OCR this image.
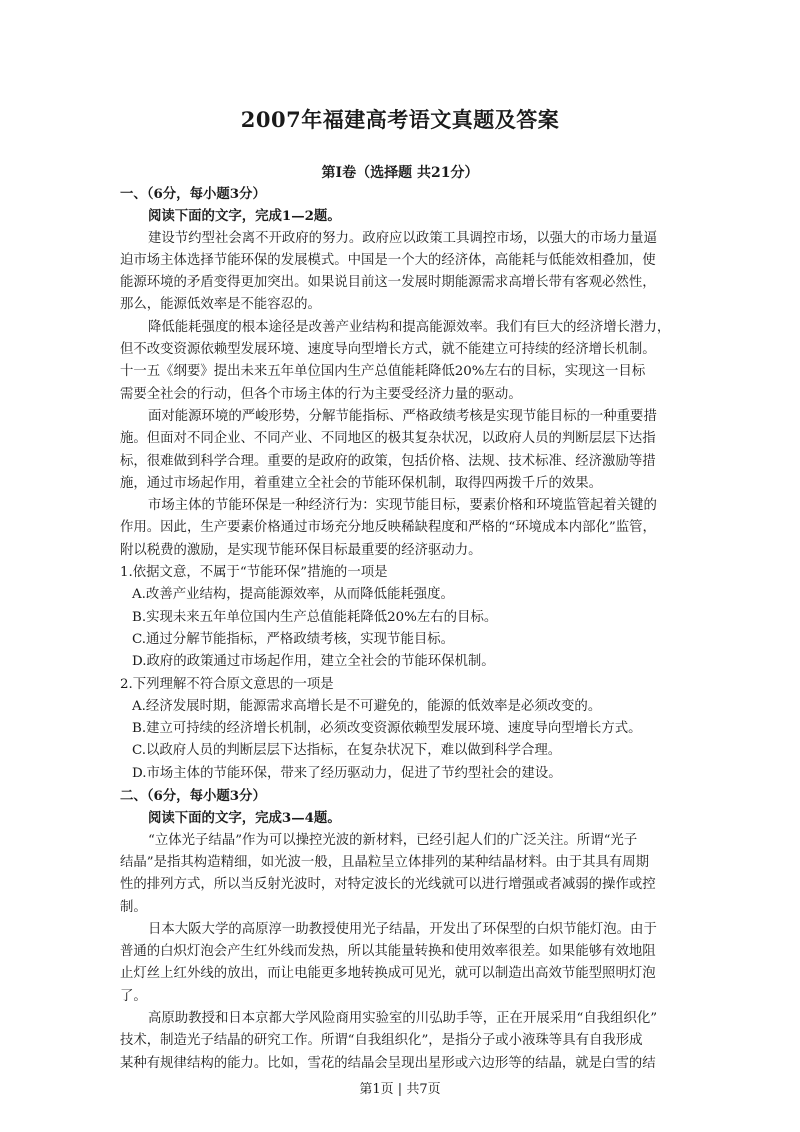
2007年福建高考语文真题及答案
第Ⅰ卷（选择题 共21分）
一、（6分，每小题3分）
阅读下面的文字，完成1—2题。
建设节约型社会离不开政府的努力。政府应以政策工具调控市场，以强大的市场力量逼
迫市场主体选择节能环保的发展模式。中国是一个大的经济体，高能耗与低能效相叠加，使
能源环境的矛盾变得更加突出。如果说目前这一发展时期能源需求高增长带有客观必然性，
那么，能源低效率是不能容忍的。
降低能耗强度的根本途径是改善产业结构和提高能源效率。我们有巨大的经济增长潜力，
但不改变资源依赖型发展环境、速度导向型增长方式，就不能建立可持续的经济增长机制。
十一五《纲要》提出未来五年单位国内生产总值能耗降低20%左右的目标，实现这一目标
需要全社会的行动，但各个市场主体的行为主要受经济力量的驱动。
面对能源环境的严峻形势，分解节能指标、严格政绩考核是实现节能目标的一种重要措
施。但面对不同企业、不同产业、不同地区的极其复杂状况，以政府人员的判断层层下达指
标，很难做到科学合理。重要的是政府的政策，包括价格、法规、技术标准、经济激励等措
施，通过市场起作用，着重建立全社会的节能环保机制，取得四两拨千斤的效果。
市场主体的节能环保是一种经济行为：实现节能目标，要素价格和环境监管起着关键的
作用。因此，生产要素价格通过市场充分地反映稀缺程度和严格的“环境成本内部化”监管，
附以税费的激励，是实现节能环保目标最重要的经济驱动力。
1.依据文意，不属于“节能环保”措施的一项是
A.改善产业结构，提高能源效率，从而降低能耗强度。
B.实现未来五年单位国内生产总值能耗降低20%左右的目标。
C.通过分解节能指标，严格政绩考核，实现节能目标。
D.政府的政策通过市场起作用，建立全社会的节能环保机制。
2.下列理解不符合原文意思的一项是
A.经济发展时期，能源需求高增长是不可避免的，能源的低效率是必须改变的。
B.建立可持续的经济增长机制，必须改变资源依赖型发展环境、速度导向型增长方式。
C.以政府人员的判断层层下达指标，在复杂状况下，难以做到科学合理。
D.市场主体的节能环保，带来了经历驱动力，促进了节约型社会的建设。
二、（6分，每小题3分）
阅读下面的文字，完成3—4题。
“立体光子结晶”作为可以操控光波的新材料，已经引起人们的广泛关注。所谓“光子
结晶”是指其构造精细，如光波一般，且晶粒呈立体排列的某种结晶材料。由于其具有周期
性的排列方式，所以当反射光波时，对特定波长的光线就可以进行增强或者减弱的操作或控
制。
日本大阪大学的高原淳一助教授使用光子结晶，开发出了环保型的白炽节能灯泡。由于
普通的白炽灯泡会产生红外线而发热，所以其能量转换和使用效率很差。如果能够有效地阻
止灯丝上红外线的放出，而让电能更多地转换成可见光，就可以制造出高效节能型照明灯泡
了。
高原助教授和日本京都大学风险商用实验室的川弘助手等，正在开展采用“自我组织化”
技术，制造光子结晶的研究工作。所谓“自我组织化”，是指分子或小液珠等具有自我形成
某种有规律结构的能力。比如，雪花的结晶会呈现出星形或六边形等的结晶，就是白雪的结
第1页 | 共7页
